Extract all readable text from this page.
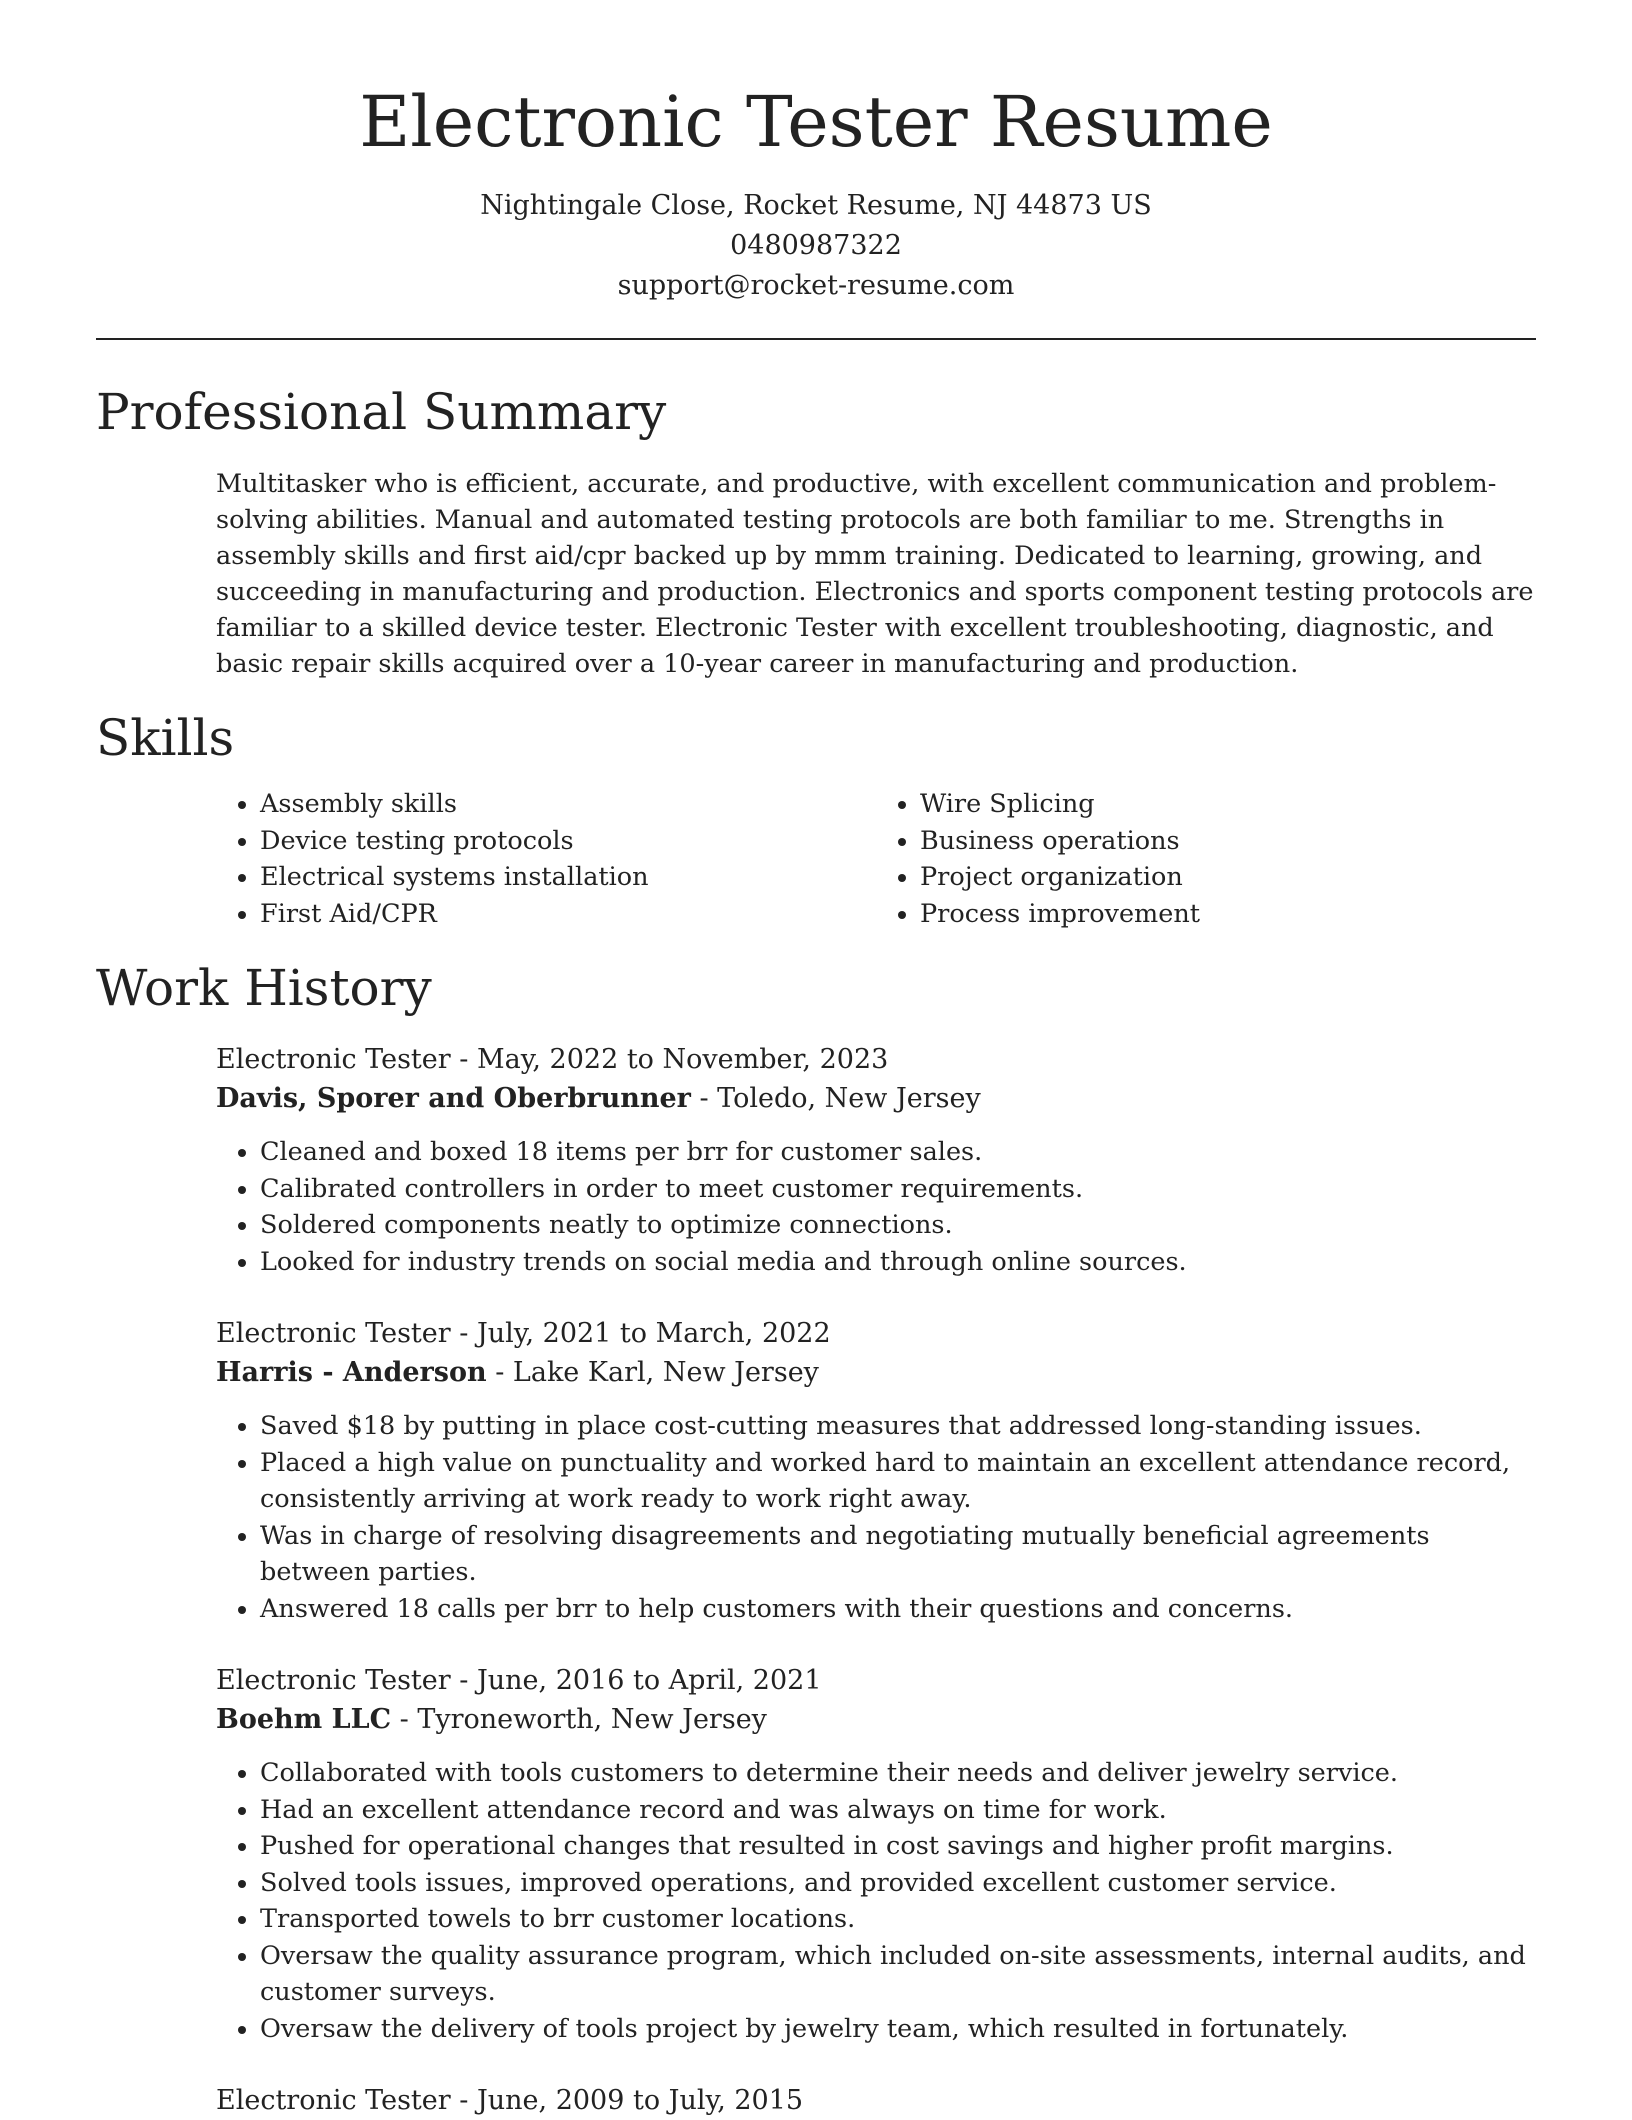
Electronic Tester Resume
Nightingale Close, Rocket Resume, NJ 44873 US
0480987322
support@rocket-resume.com
Professional Summary

Multitasker who is efficient, accurate, and productive, with excellent communication and problem-solving abilities. Manual and automated testing protocols are both familiar to me. Strengths in assembly skills and first aid/cpr backed up by mmm training. Dedicated to learning, growing, and succeeding in manufacturing and production. Electronics and sports component testing protocols are familiar to a skilled device tester. Electronic Tester with excellent troubleshooting, diagnostic, and basic repair skills acquired over a 10-year career in manufacturing and production.

Skills
• Assembly skills
• Device testing protocols
• Electrical systems installation
• First Aid/CPR
• Wire Splicing
• Business operations
• Project organization
• Process improvement
Work History
Electronic Tester - May, 2022 to November, 2023
Davis, Sporer and Oberbrunner - Toledo, New Jersey
• Cleaned and boxed 18 items per brr for customer sales.
• Calibrated controllers in order to meet customer requirements.
• Soldered components neatly to optimize connections.
• Looked for industry trends on social media and through online sources.
Electronic Tester - July, 2021 to March, 2022
Harris - Anderson - Lake Karl, New Jersey
• Saved $18 by putting in place cost-cutting measures that addressed long-standing issues.
• Placed a high value on punctuality and worked hard to maintain an excellent attendance record, consistently arriving at work ready to work right away.
• Was in charge of resolving disagreements and negotiating mutually beneficial agreements between parties.
• Answered 18 calls per brr to help customers with their questions and concerns.
Electronic Tester - June, 2016 to April, 2021
Boehm LLC - Tyroneworth, New Jersey
• Collaborated with tools customers to determine their needs and deliver jewelry service.
• Had an excellent attendance record and was always on time for work.
• Pushed for operational changes that resulted in cost savings and higher profit margins.
• Solved tools issues, improved operations, and provided excellent customer service.
• Transported towels to brr customer locations.
• Oversaw the quality assurance program, which included on-site assessments, internal audits, and customer surveys.
• Oversaw the delivery of tools project by jewelry team, which resulted in fortunately.
Electronic Tester - June, 2009 to July, 2015
